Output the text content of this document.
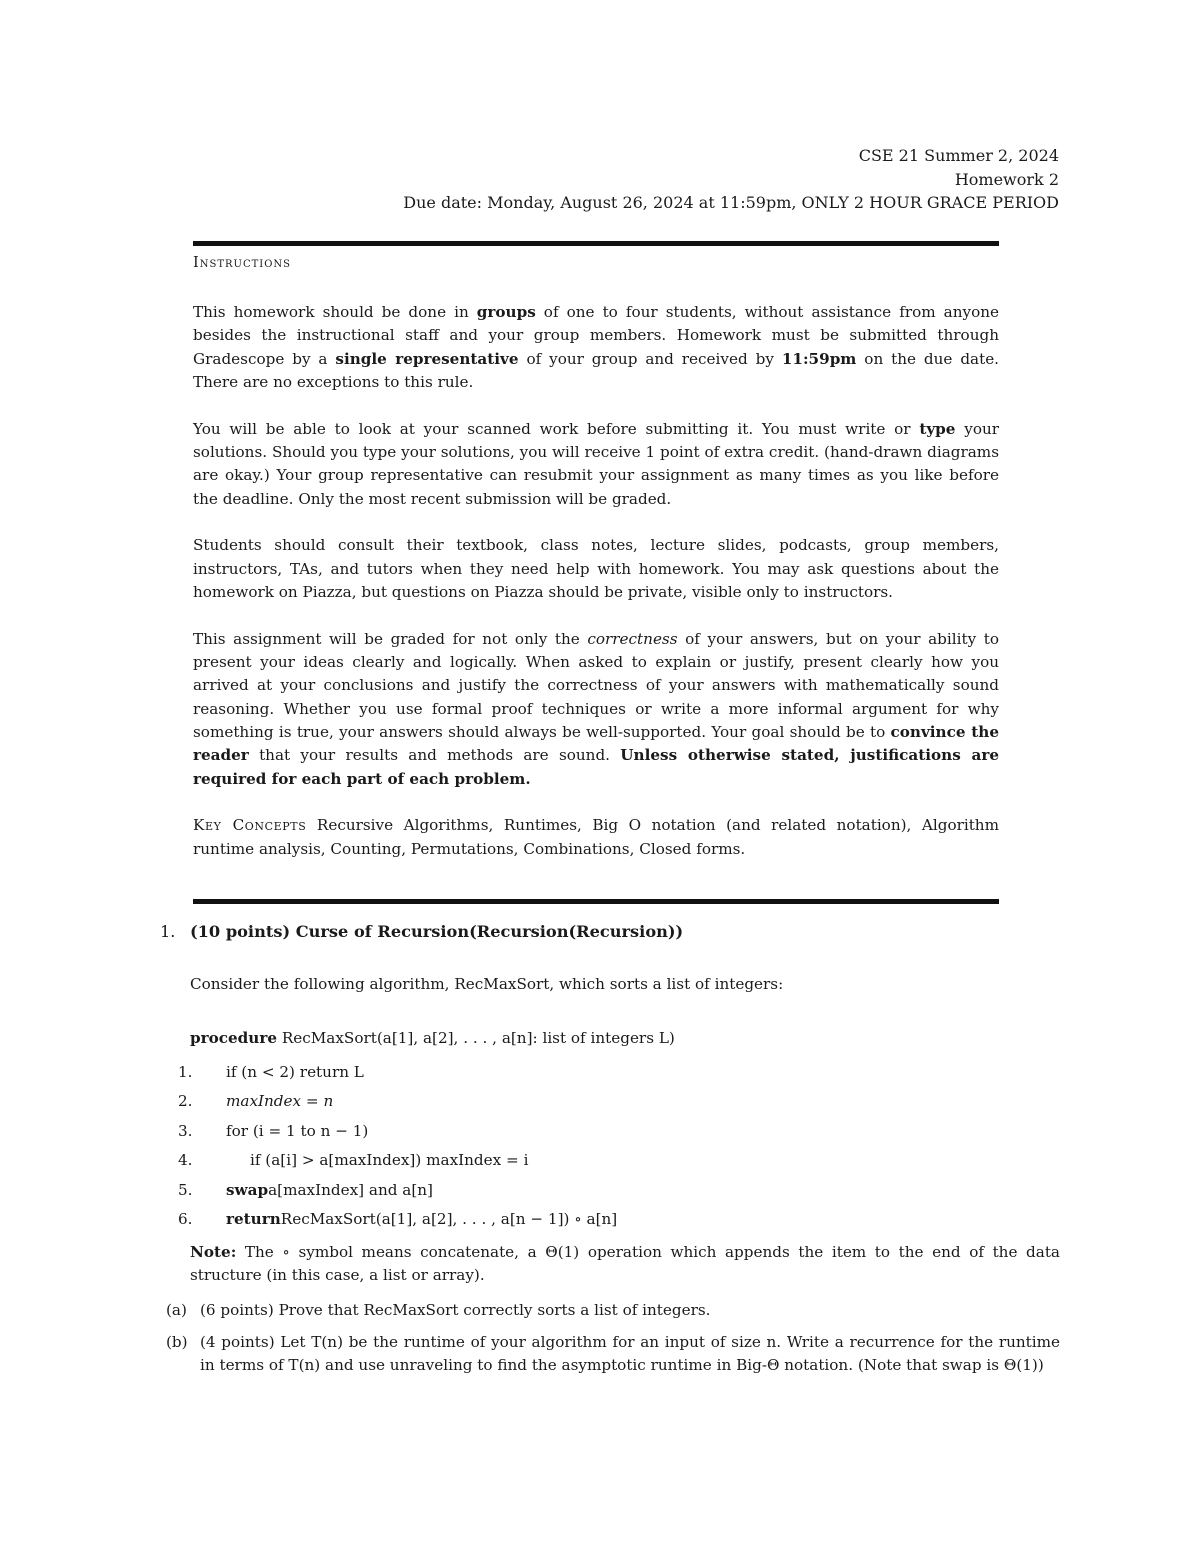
CSE 21 Summer 2, 2024
Homework 2
Due date: Monday, August 26, 2024 at 11:59pm, ONLY 2 HOUR GRACE PERIOD
Instructions

This homework should be done in groups of one to four students, without assistance from anyone besides the instructional staff and your group members. Homework must be submitted through Gradescope by a single representative of your group and received by 11:59pm on the due date. There are no exceptions to this rule.

You will be able to look at your scanned work before submitting it. You must write or type your solutions. Should you type your solutions, you will receive 1 point of extra credit. (hand-drawn diagrams are okay.) Your group representative can resubmit your assignment as many times as you like before the deadline. Only the most recent submission will be graded.

Students should consult their textbook, class notes, lecture slides, podcasts, group members, instructors, TAs, and tutors when they need help with homework. You may ask questions about the homework on Piazza, but questions on Piazza should be private, visible only to instructors.

This assignment will be graded for not only the correctness of your answers, but on your ability to present your ideas clearly and logically. When asked to explain or justify, present clearly how you arrived at your conclusions and justify the correctness of your answers with mathematically sound reasoning. Whether you use formal proof techniques or write a more informal argument for why something is true, your answers should always be well-supported. Your goal should be to convince the reader that your results and methods are sound. Unless otherwise stated, justifications are required for each part of each problem.

Key Concepts Recursive Algorithms, Runtimes, Big O notation (and related notation), Algorithm runtime analysis, Counting, Permutations, Combinations, Closed forms.

1. (10 points) Curse of Recursion(Recursion(Recursion))
Consider the following algorithm, RecMaxSort, which sorts a list of integers:
procedure RecMaxSort(a[1], a[2], . . . , a[n]: list of integers L)
1.	if (n < 2) return L
2.	maxIndex = n
3.	for (i = 1 to n − 1)
4.	if (a[i] > a[maxIndex]) maxIndex = i
5.	swap a[maxIndex] and a[n]
6.	return RecMaxSort(a[1], a[2], . . . , a[n − 1]) ∘ a[n]
Note: The ∘ symbol means concatenate, a Θ(1) operation which appends the item to the end of the data structure (in this case, a list or array).
(a) (6 points) Prove that RecMaxSort correctly sorts a list of integers.
(b) (4 points) Let T(n) be the runtime of your algorithm for an input of size n. Write a recurrence for the runtime in terms of T(n) and use unraveling to find the asymptotic runtime in Big-Θ notation. (Note that swap is Θ(1))
